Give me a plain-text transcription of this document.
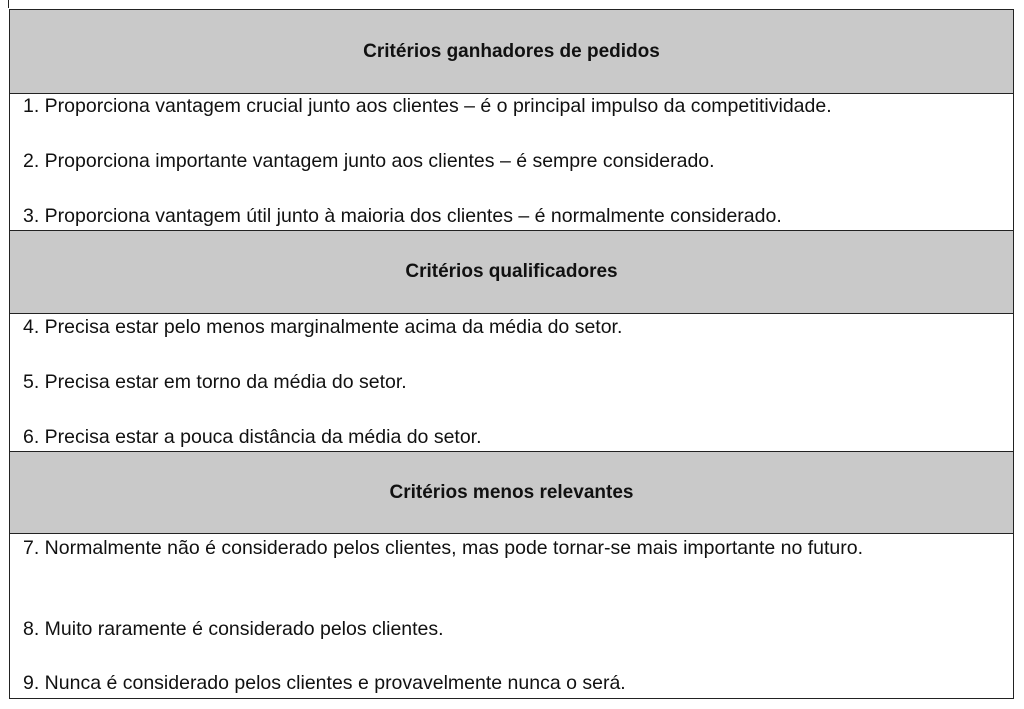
Critérios ganhadores de pedidos
1. Proporciona vantagem crucial junto aos clientes – é o principal impulso da competitividade.
2. Proporciona importante vantagem junto aos clientes – é sempre considerado.
3. Proporciona vantagem útil junto à maioria dos clientes – é normalmente considerado.
Critérios qualificadores
4. Precisa estar pelo menos marginalmente acima da média do setor.
5. Precisa estar em torno da média do setor.
6. Precisa estar a pouca distância da média do setor.
Critérios menos relevantes
7. Normalmente não é considerado pelos clientes, mas pode tornar-se mais importante no futuro.
8. Muito raramente é considerado pelos clientes.
9. Nunca é considerado pelos clientes e provavelmente nunca o será.
